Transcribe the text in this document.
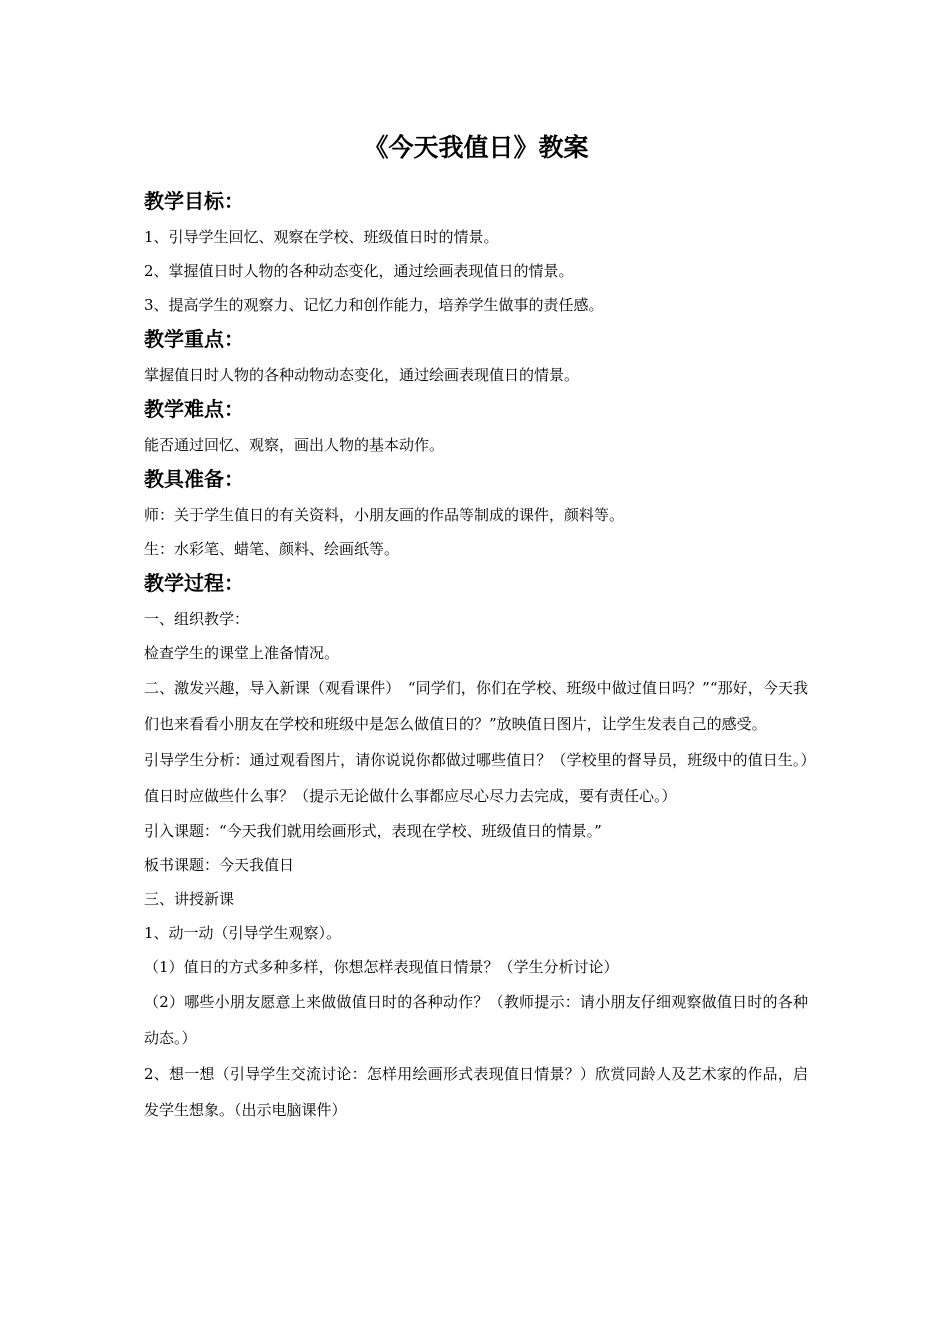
《今天我值日》教案
教学目标：

1、引导学生回忆、观察在学校、班级值日时的情景。

2、掌握值日时人物的各种动态变化，通过绘画表现值日的情景。

3、提高学生的观察力、记忆力和创作能力，培养学生做事的责任感。

教学重点：

掌握值日时人物的各种动物动态变化，通过绘画表现值日的情景。

教学难点：

能否通过回忆、观察，画出人物的基本动作。

教具准备：

师：关于学生值日的有关资料，小朋友画的作品等制成的课件，颜料等。

生：水彩笔、蜡笔、颜料、绘画纸等。

教学过程：

一、组织教学：

检查学生的课堂上准备情况。

二、激发兴趣，导入新课（观看课件）　“同学们，你们在学校、班级中做过值日吗？”“那好，今天我们也来看看小朋友在学校和班级中是怎么做值日的？”放映值日图片，让学生发表自己的感受。

引导学生分析：通过观看图片，请你说说你都做过哪些值日？（学校里的督导员，班级中的值日生。）值日时应做些什么事？（提示无论做什么事都应尽心尽力去完成，要有责任心。）

引入课题：“今天我们就用绘画形式，表现在学校、班级值日的情景。”

板书课题：今天我值日

三、讲授新课

1、动一动（引导学生观察）。

（1）值日的方式多种多样，你想怎样表现值日情景？（学生分析讨论）

（2）哪些小朋友愿意上来做做值日时的各种动作？（教师提示：请小朋友仔细观察做值日时的各种动态。）

2、想一想（引导学生交流讨论：怎样用绘画形式表现值日情景？）欣赏同龄人及艺术家的作品，启发学生想象。（出示电脑课件）
